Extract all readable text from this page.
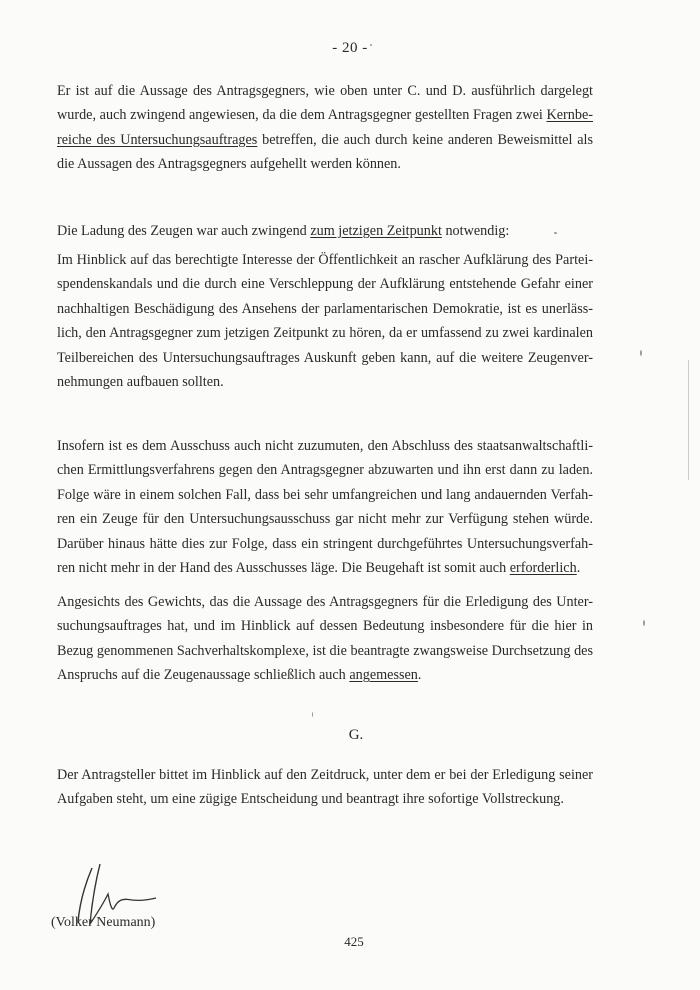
- 20 -
Er ist auf die Aussage des Antragsgegners, wie oben unter C. und D. ausführlich dargelegt
wurde, auch zwingend angewiesen, da die dem Antragsgegner gestellten Fragen zwei Kernbe-
reiche des Untersuchungsauftrages betreffen, die auch durch keine anderen Beweismittel als
die Aussagen des Antragsgegners aufgehellt werden können.
Die Ladung des Zeugen war auch zwingend zum jetzigen Zeitpunkt notwendig:
Im Hinblick auf das berechtigte Interesse der Öffentlichkeit an rascher Aufklärung des Partei-
spendenskandals und die durch eine Verschleppung der Aufklärung entstehende Gefahr einer
nachhaltigen Beschädigung des Ansehens der parlamentarischen Demokratie, ist es unerläss-
lich, den Antragsgegner zum jetzigen Zeitpunkt zu hören, da er umfassend zu zwei kardinalen
Teilbereichen des Untersuchungsauftrages Auskunft geben kann, auf die weitere Zeugenver-
nehmungen aufbauen sollten.
Insofern ist es dem Ausschuss auch nicht zuzumuten, den Abschluss des staatsanwaltschaftli-
chen Ermittlungsverfahrens gegen den Antragsgegner abzuwarten und ihn erst dann zu laden.
Folge wäre in einem solchen Fall, dass bei sehr umfangreichen und lang andauernden Verfah-
ren ein Zeuge für den Untersuchungsausschuss gar nicht mehr zur Verfügung stehen würde.
Darüber hinaus hätte dies zur Folge, dass ein stringent durchgeführtes Untersuchungsverfah-
ren nicht mehr in der Hand des Ausschusses läge. Die Beugehaft ist somit auch erforderlich.
Angesichts des Gewichts, das die Aussage des Antragsgegners für die Erledigung des Unter-
suchungsauftrages hat, und im Hinblick auf dessen Bedeutung insbesondere für die hier in
Bezug genommenen Sachverhaltskomplexe, ist die beantragte zwangsweise Durchsetzung des
Anspruchs auf die Zeugenaussage schließlich auch angemessen.
G.
Der Antragsteller bittet im Hinblick auf den Zeitdruck, unter dem er bei der Erledigung seiner
Aufgaben steht, um eine zügige Entscheidung und beantragt ihre sofortige Vollstreckung.
(Volker Neumann)
425
